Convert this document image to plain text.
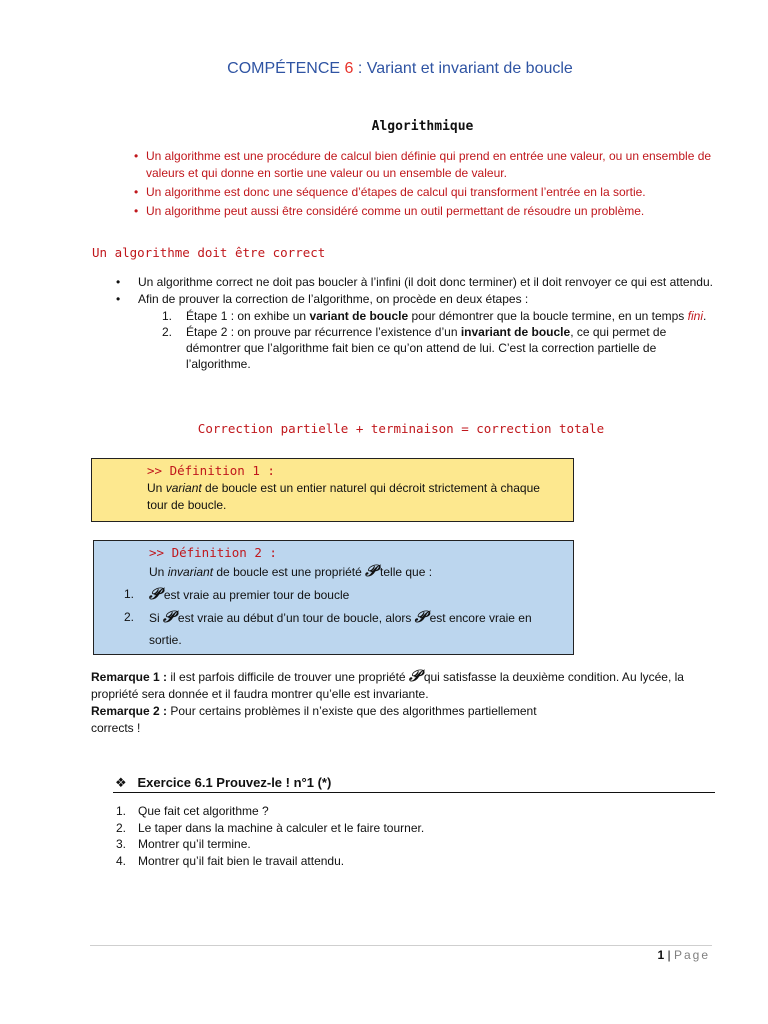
COMPÉTENCE 6 : Variant et invariant de boucle
Algorithmique
• Un algorithme est une procédure de calcul bien définie qui prend en entrée une valeur, ou un ensemble de valeurs et qui donne en sortie une valeur ou un ensemble de valeur.
• Un algorithme est donc une séquence d’étapes de calcul qui transforment l’entrée en la sortie.
• Un algorithme peut aussi être considéré comme un outil permettant de résoudre un problème.
Un algorithme doit être correct
• Un algorithme correct ne doit pas boucler à l’infini (il doit donc terminer) et il doit renvoyer ce qui est attendu.
• Afin de prouver la correction de l’algorithme, on procède en deux étapes :
1. Étape 1 : on exhibe un variant de boucle pour démontrer que la boucle termine, en un temps fini.
2. Étape 2 : on prouve par récurrence l’existence d’un invariant de boucle, ce qui permet de démontrer que l’algorithme fait bien ce qu’on attend de lui. C’est la correction partielle de l’algorithme.
Correction partielle + terminaison = correction totale
>> Définition 1 :
Un variant de boucle est un entier naturel qui décroit strictement à chaque tour de boucle.
>> Définition 2 :
Un invariant de boucle est une propriété 𝒫 telle que :
1. 𝒫 est vraie au premier tour de boucle
2. Si 𝒫 est vraie au début d’un tour de boucle, alors 𝒫 est encore vraie en sortie.
Remarque 1 : il est parfois difficile de trouver une propriété 𝒫 qui satisfasse la deuxième condition. Au lycée, la propriété sera donnée et il faudra montrer qu’elle est invariante.
Remarque 2 : Pour certains problèmes il n’existe que des algorithmes partiellement corrects !
❖ Exercice 6.1 Prouvez-le ! n°1 (*)
1. Que fait cet algorithme ?
2. Le taper dans la machine à calculer et le faire tourner.
3. Montrer qu’il termine.
4. Montrer qu’il fait bien le travail attendu.
1 | Page
